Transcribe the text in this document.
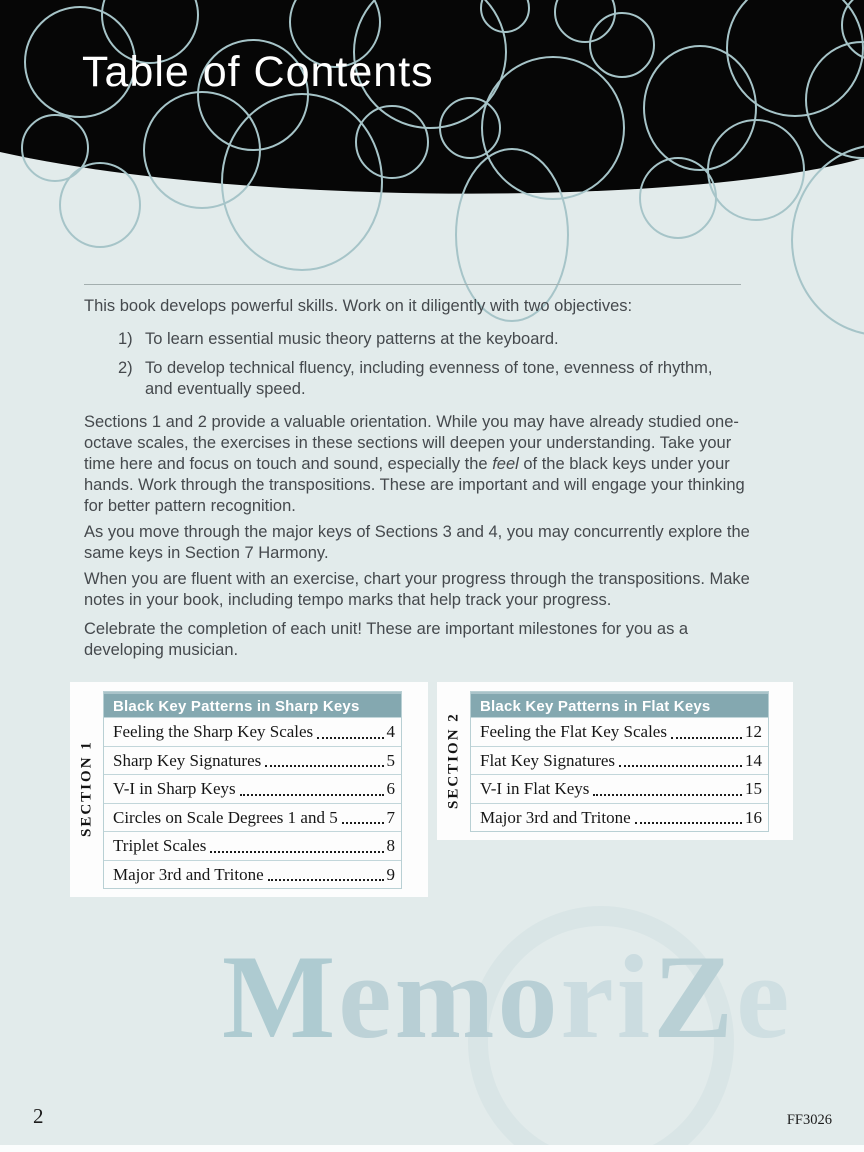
Table of Contents

This book develops powerful skills. Work on it diligently with two objectives:

1) To learn essential music theory patterns at the keyboard.
2) To develop technical fluency, including evenness of tone, evenness of rhythm, and eventually speed.

Sections 1 and 2 provide a valuable orientation. While you may have already studied one-octave scales, the exercises in these sections will deepen your understanding. Take your time here and focus on touch and sound, especially the feel of the black keys under your hands. Work through the transpositions. These are important and will engage your thinking for better pattern recognition.

As you move through the major keys of Sections 3 and 4, you may concurrently explore the same keys in Section 7 Harmony.

When you are fluent with an exercise, chart your progress through the transpositions. Make notes in your book, including tempo marks that help track your progress.

Celebrate the completion of each unit! These are important milestones for you as a developing musician.

MemoriZe
SECTION 1
Black Key Patterns in Sharp Keys
Feeling the Sharp Key Scales	4
Sharp Key Signatures	5
V-I in Sharp Keys	6
Circles on Scale Degrees 1 and 5	7
Triplet Scales	8
Major 3rd and Tritone	9
SECTION 2
Black Key Patterns in Flat Keys
Feeling the Flat Key Scales	12
Flat Key Signatures	14
V-I in Flat Keys	15
Major 3rd and Tritone	16
2	FF3026
